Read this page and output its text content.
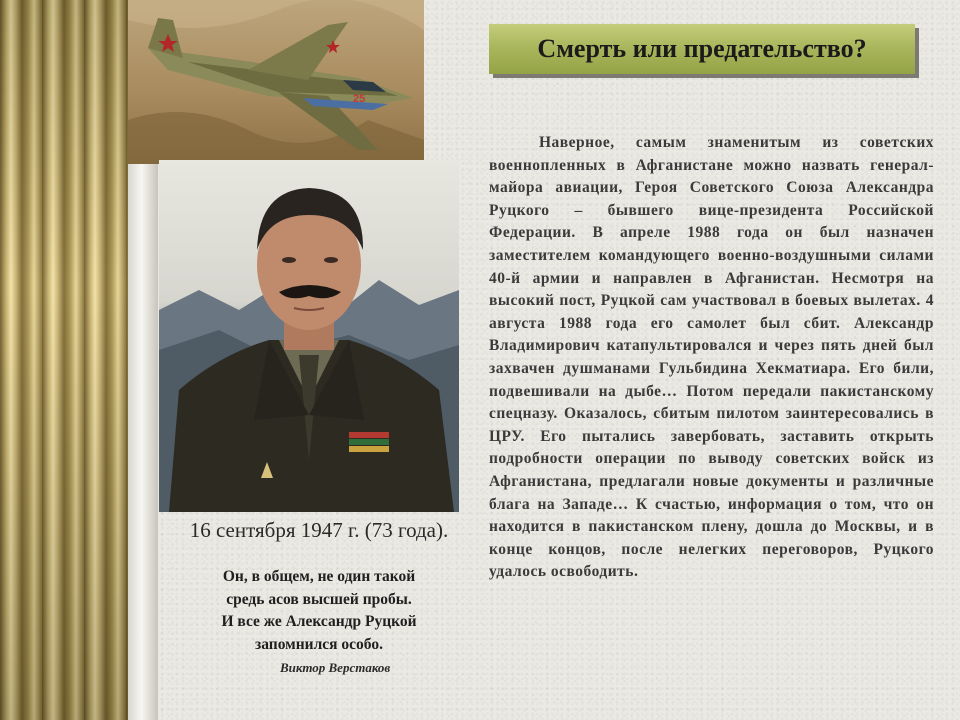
25
Смерть или предательство?

Наверное, самым знаменитым из советских военнопленных в Афганистане можно назвать генерал-майора авиации, Героя Советского Союза Александра Руцкого – бывшего вице-президента Российской Федерации. В апреле 1988 года он был назначен заместителем командующего военно-воздушными силами 40-й армии и направлен в Афганистан. Несмотря на высокий пост, Руцкой сам участвовал в боевых вылетах. 4 августа 1988 года его самолет был сбит. Александр Владимирович катапультировался и через пять дней был захвачен душманами Гульбидина Хекматиара. Его били, подвешивали на дыбе… Потом передали пакистанскому спецназу. Оказалось, сбитым пилотом заинтересовались в ЦРУ. Его пытались завербовать, заставить открыть подробности операции по выводу советских войск из Афганистана, предлагали новые документы и различные блага на Западе… К счастью, информация о том, что он находится в пакистанском плену, дошла до Москвы, и в конце концов, после нелегких переговоров, Руцкого удалось освободить.

16 сентября 1947 г. (73 года).
Он, в общем, не один такой
средь асов высшей пробы.
И все же Александр Руцкой
запомнился особо.
Виктор Верстаков
